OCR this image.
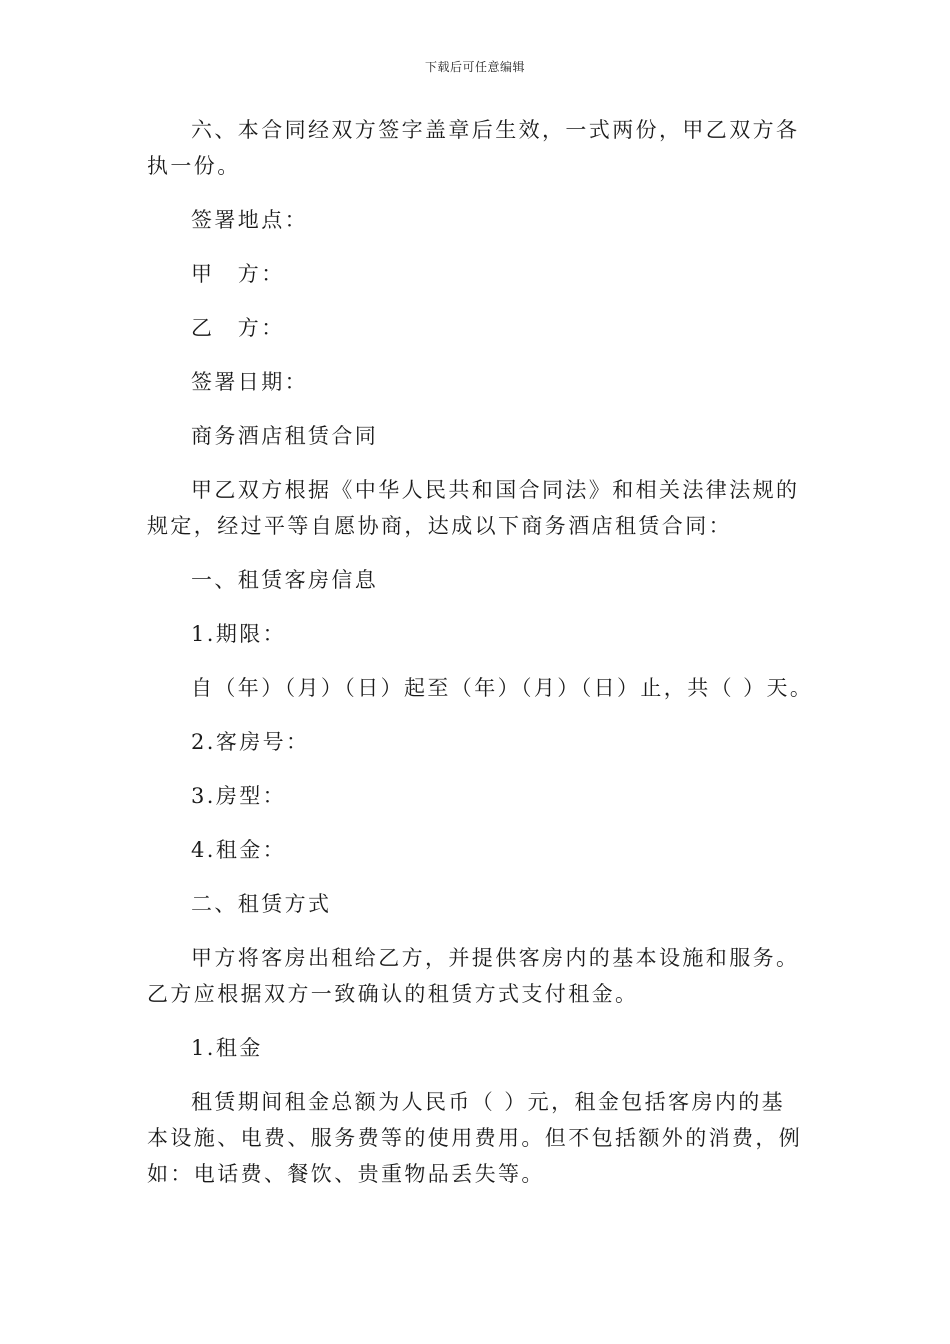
下载后可任意编辑

六、本合同经双方签字盖章后生效，一式两份，甲乙双方各执一份。

签署地点：

甲　方：

乙　方：

签署日期：

商务酒店租赁合同

甲乙双方根据《中华人民共和国合同法》和相关法律法规的规定，经过平等自愿协商，达成以下商务酒店租赁合同：

一、租赁客房信息

1.期限：

自（年）（月）（日）起至（年）（月）（日）止，共（ ）天。

2.客房号：

3.房型：

4.租金：

二、租赁方式

甲方将客房出租给乙方，并提供客房内的基本设施和服务。乙方应根据双方一致确认的租赁方式支付租金。

1.租金

租赁期间租金总额为人民币（ ）元，租金包括客房内的基本设施、电费、服务费等的使用费用。但不包括额外的消费，例如：电话费、餐饮、贵重物品丢失等。
